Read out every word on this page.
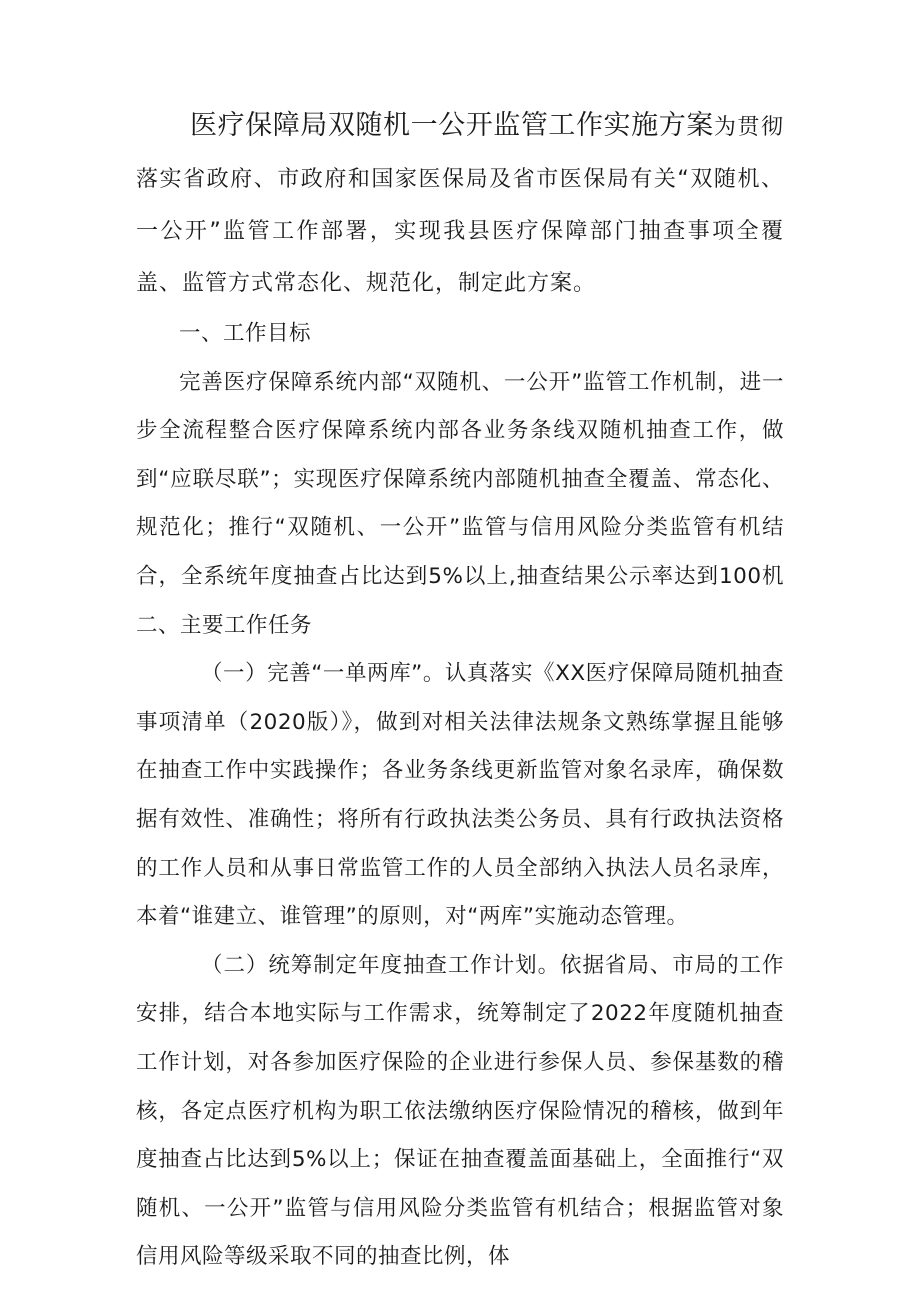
医疗保障局双随机一公开监管工作实施方案为贯彻落实省政府、市政府和国家医保局及省市医保局有关“双随机、一公开”监管工作部署，实现我县医疗保障部门抽查事项全覆盖、监管方式常态化、规范化，制定此方案。

一、工作目标

完善医疗保障系统内部“双随机、一公开”监管工作机制，进一步全流程整合医疗保障系统内部各业务条线双随机抽查工作，做到“应联尽联”；实现医疗保障系统内部随机抽查全覆盖、常态化、规范化；推行“双随机、一公开”监管与信用风险分类监管有机结合，全系统年度抽查占比达到5%以上,抽查结果公示率达到100机二、主要工作任务

（一）完善“一单两库”。认真落实《XX医疗保障局随机抽查事项清单（2020版）》，做到对相关法律法规条文熟练掌握且能够在抽查工作中实践操作；各业务条线更新监管对象名录库，确保数据有效性、准确性；将所有行政执法类公务员、具有行政执法资格的工作人员和从事日常监管工作的人员全部纳入执法人员名录库，本着“谁建立、谁管理”的原则，对“两库”实施动态管理。

（二）统筹制定年度抽查工作计划。依据省局、市局的工作安排，结合本地实际与工作需求，统筹制定了2022年度随机抽查工作计划，对各参加医疗保险的企业进行参保人员、参保基数的稽核，各定点医疗机构为职工依法缴纳医疗保险情况的稽核，做到年度抽查占比达到5%以上；保证在抽查覆盖面基础上，全面推行“双随机、一公开”监管与信用风险分类监管有机结合；根据监管对象信用风险等级采取不同的抽查比例，体
